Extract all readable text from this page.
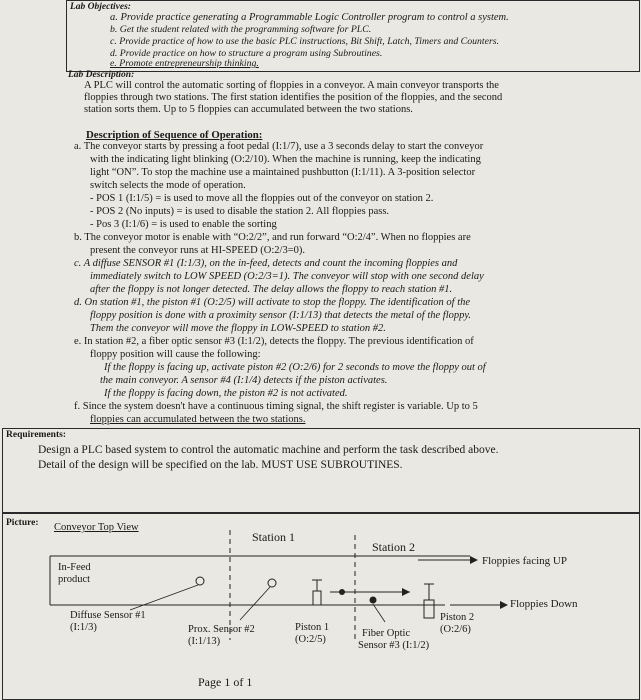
Lab Objectives:
a. Provide practice generating a Programmable Logic Controller program to control a system.
b. Get the student related with the programming software for PLC.
c. Provide practice of how to use the basic PLC instructions, Bit Shift, Latch, Timers and Counters.
d. Provide practice on how to structure a program using Subroutines.
e. Promote entrepreneurship thinking.
Lab Description:
A PLC will control the automatic sorting of floppies in a conveyor. A main conveyor transports the
floppies through two stations. The first station identifies the position of the floppies, and the second
station sorts them. Up to 5 floppies can accumulated between the two stations.
Description of Sequence of Operation:
a. The conveyor starts by pressing a foot pedal (I:1/7), use a 3 seconds delay to start the conveyor
with the indicating light blinking (O:2/10). When the machine is running, keep the indicating
light “ON”. To stop the machine use a maintained pushbutton (I:1/11). A 3-position selector
switch selects the mode of operation.
- POS 1 (I:1/5) = is used to move all the floppies out of the conveyor on station 2.
- POS 2 (No inputs) = is used to disable the station 2. All floppies pass.
- Pos 3 (I:1/6) = is used to enable the sorting
b. The conveyor motor is enable with “O:2/2”, and run forward “O:2/4”. When no floppies are
present the conveyor runs at HI-SPEED (O:2/3=0).
c. A diffuse SENSOR #1 (I:1/3), on the in-feed, detects and count the incoming floppies and
immediately switch to LOW SPEED (O:2/3=1). The conveyor will stop with one second delay
after the floppy is not longer detected. The delay allows the floppy to reach station #1.
d. On station #1, the piston #1 (O:2/5) will activate to stop the floppy. The identification of the
floppy position is done with a proximity sensor (I:1/13) that detects the metal of the floppy.
Them the conveyor will move the floppy in LOW-SPEED to station #2.
e. In station #2, a fiber optic sensor #3 (I:1/2), detects the floppy. The previous identification of
floppy position will cause the following:
If the floppy is facing up, activate piston #2 (O:2/6) for 2 seconds to move the floppy out of
the main conveyor. A sensor #4 (I:1/4) detects if the piston activates.
If the floppy is facing down, the piston #2 is not activated.
f. Since the system doesn't have a continuous timing signal, the shift register is variable. Up to 5
floppies can accumulated between the two stations.
Requirements:
Design a PLC based system to control the automatic machine and perform the task described above.
Detail of the design will be specified on the lab. MUST USE SUBROUTINES.
Picture: Conveyor Top View
Station 1
Station 2
In-Feed
product
Floppies facing UP
Floppies Down
Diffuse Sensor #1
(I:1/3)	Prox. Sensor #2
(I:1/13)
Piston 1
(O:2/5)
Fiber Optic
Sensor #3 (I:1/2)
Piston 2
(O:2/6)
Page 1 of 1
